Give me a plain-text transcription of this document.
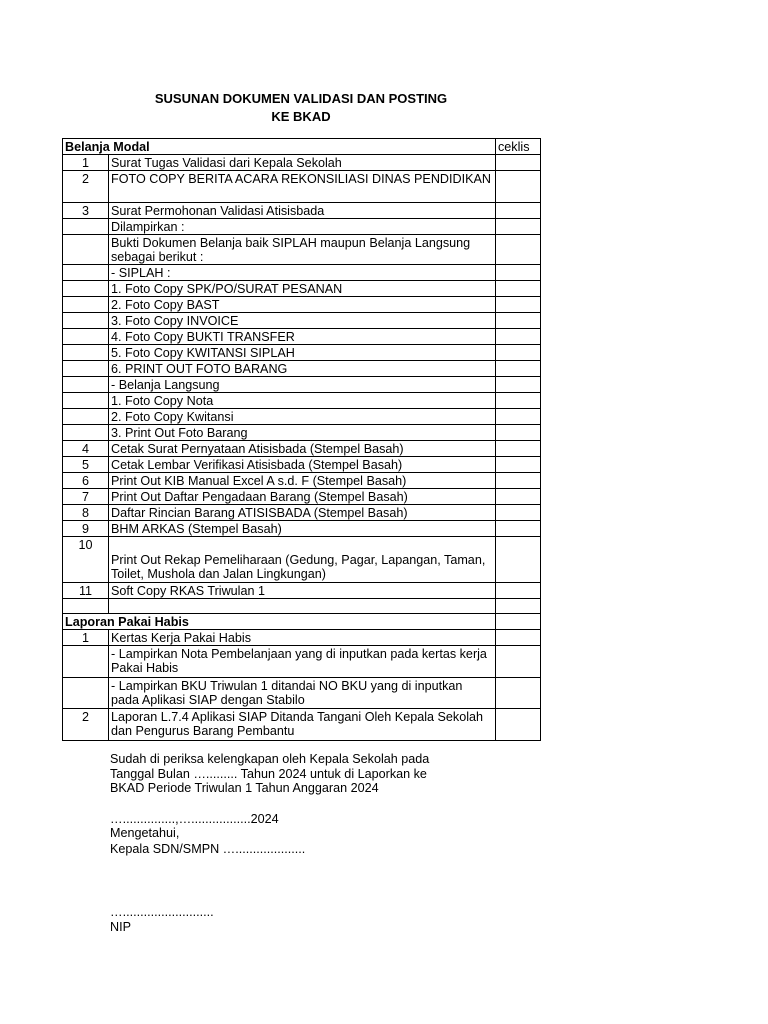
SUSUNAN DOKUMEN VALIDASI DAN POSTING
KE BKAD
Belanja Modal		ceklis
1	Surat Tugas Validasi dari Kepala Sekolah	
2	FOTO COPY BERITA ACARA REKONSILIASI DINAS PENDIDIKAN	
3	Surat Permohonan Validasi Atisisbada	
	Dilampirkan :	
	Bukti Dokumen Belanja baik SIPLAH maupun Belanja Langsung sebagai berikut :	
	- SIPLAH :	
	1. Foto Copy SPK/PO/SURAT PESANAN	
	2. Foto Copy BAST	
	3. Foto Copy INVOICE	
	4. Foto Copy BUKTI TRANSFER	
	5. Foto Copy KWITANSI SIPLAH	
	6. PRINT OUT FOTO BARANG	
	- Belanja Langsung	
	1. Foto Copy Nota	
	2. Foto Copy Kwitansi	
	3. Print Out Foto Barang	
4	Cetak Surat Pernyataan Atisisbada (Stempel Basah)	
5	Cetak Lembar Verifikasi Atisisbada (Stempel Basah)	
6	Print Out KIB Manual Excel A s.d. F (Stempel Basah)	
7	Print Out Daftar Pengadaan Barang (Stempel Basah)	
8	Daftar Rincian Barang ATISISBADA (Stempel Basah)	
9	BHM ARKAS (Stempel Basah)	
10	Print Out Rekap Pemeliharaan (Gedung, Pagar, Lapangan, Taman, Toilet, Mushola dan Jalan Lingkungan)	
11	Soft Copy RKAS Triwulan 1	

Laporan Pakai Habis		
1	Kertas Kerja Pakai Habis	
	- Lampirkan Nota Pembelanjaan yang di inputkan pada kertas kerja Pakai Habis	
	- Lampirkan BKU Triwulan 1 ditandai NO BKU yang di inputkan pada Aplikasi SIAP dengan Stabilo	
2	Laporan L.7.4 Aplikasi SIAP Ditanda Tangani Oleh Kepala Sekolah dan Pengurus Barang Pembantu	
Sudah di periksa kelengkapan oleh Kepala Sekolah pada
Tanggal Bulan …......... Tahun 2024 untuk di Laporkan ke
BKAD Periode Triwulan 1 Tahun Anggaran 2024
…...............,….................2024
Mengetahui,
Kepala SDN/SMPN …....................
…..........................
NIP
